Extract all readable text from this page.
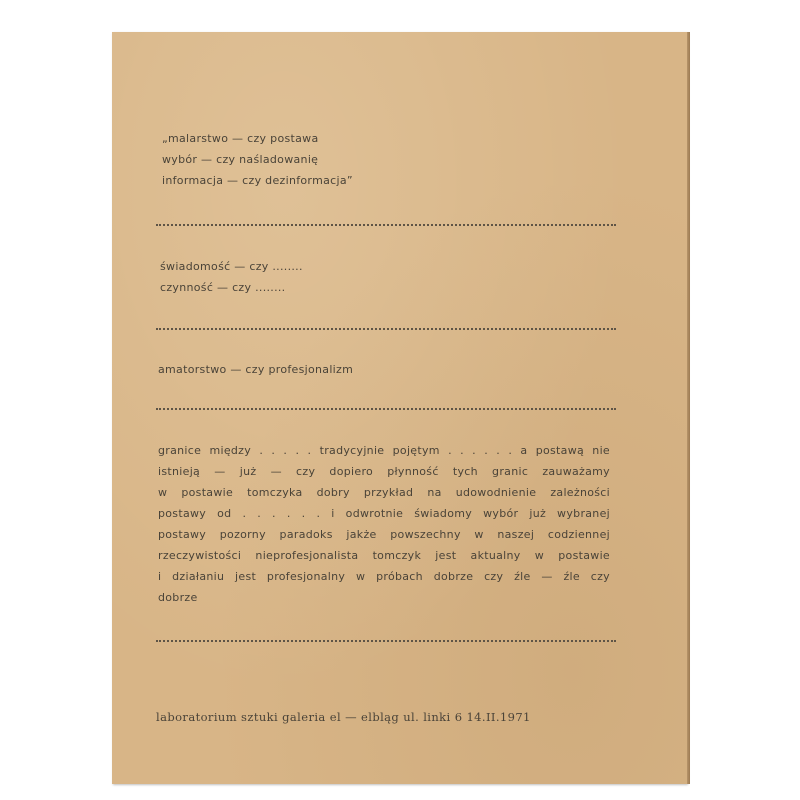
„malarstwo — czy postawa
wybór — czy naśladowanię
informacja — czy dezinformacja”
świadomość — czy ........
czynność — czy ........
amatorstwo — czy profesjonalizm
granice między . . . . . tradycyjnie pojętym . . . . . . a postawą nie
istnieją — już — czy dopiero płynność tych granic zauważamy
w postawie tomczyka dobry przykład na udowodnienie zależności
postawy od . . . . . . i odwrotnie świadomy wybór już wybranej
postawy pozorny paradoks jakże powszechny w naszej codziennej
rzeczywistości nieprofesjonalista tomczyk jest aktualny w postawie
i działaniu jest profesjonalny w próbach dobrze czy źle — źle czy
dobrze

laboratorium sztuki galeria el — elbląg ul. linki 6 14.II.1971
